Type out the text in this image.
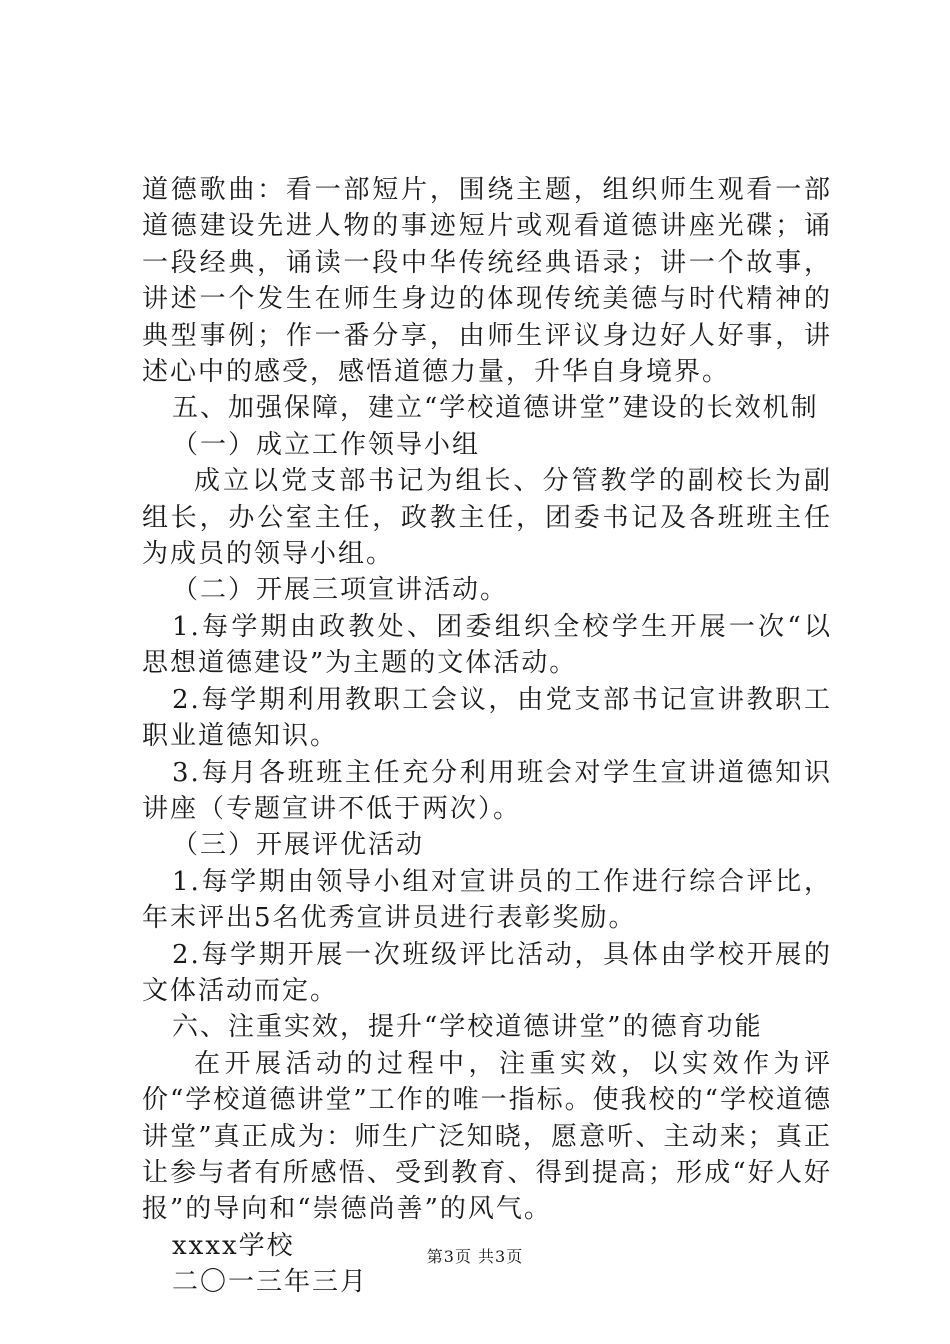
道德歌曲：看一部短片，围绕主题，组织师生观看一部道德建设先进人物的事迹短片或观看道德讲座光碟；诵一段经典，诵读一段中华传统经典语录；讲一个故事，讲述一个发生在师生身边的体现传统美德与时代精神的典型事例；作一番分享，由师生评议身边好人好事，讲述心中的感受，感悟道德力量，升华自身境界。

五、加强保障，建立“学校道德讲堂”建设的长效机制

（一）成立工作领导小组

成立以党支部书记为组长、分管教学的副校长为副组长，办公室主任，政教主任，团委书记及各班班主任为成员的领导小组。

（二）开展三项宣讲活动。

1.每学期由政教处、团委组织全校学生开展一次“以思想道德建设”为主题的文体活动。

2.每学期利用教职工会议，由党支部书记宣讲教职工职业道德知识。

3.每月各班班主任充分利用班会对学生宣讲道德知识讲座（专题宣讲不低于两次）。

（三）开展评优活动

1.每学期由领导小组对宣讲员的工作进行综合评比，年末评出5名优秀宣讲员进行表彰奖励。

2.每学期开展一次班级评比活动，具体由学校开展的文体活动而定。

六、注重实效，提升“学校道德讲堂”的德育功能

在开展活动的过程中，注重实效，以实效作为评价“学校道德讲堂”工作的唯一指标。使我校的“学校道德讲堂”真正成为：师生广泛知晓，愿意听、主动来；真正让参与者有所感悟、受到教育、得到提高；形成“好人好报”的导向和“崇德尚善”的风气。

xxxx学校

二〇一三年三月

第3页 共3页
